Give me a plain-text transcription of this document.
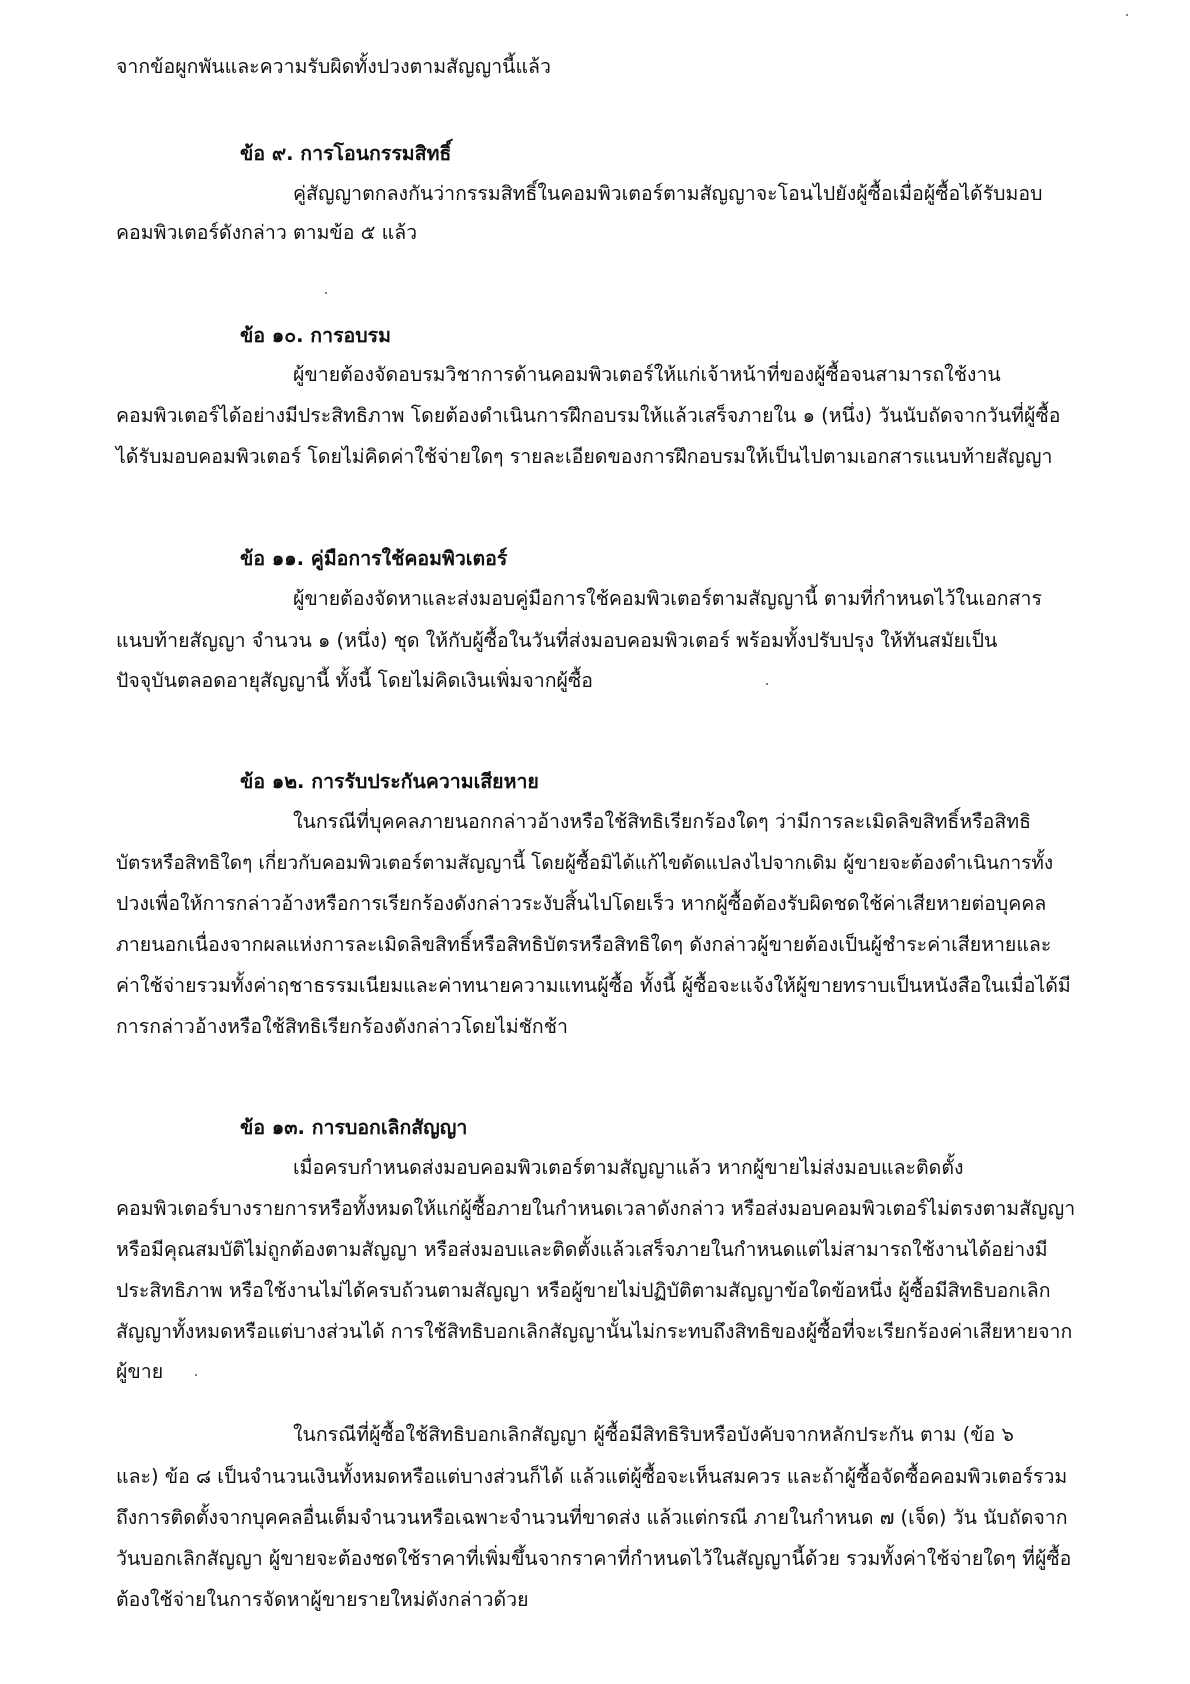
จากข้อผูกพันและความรับผิดทั้งปวงตามสัญญานี้แล้ว

ข้อ ๙. การโอนกรรมสิทธิ์

คู่สัญญาตกลงกันว่ากรรมสิทธิ์ในคอมพิวเตอร์ตามสัญญาจะโอนไปยังผู้ซื้อเมื่อผู้ซื้อได้รับมอบ

คอมพิวเตอร์ดังกล่าว ตามข้อ ๕ แล้ว

ข้อ ๑๐. การอบรม

ผู้ขายต้องจัดอบรมวิชาการด้านคอมพิวเตอร์ให้แก่เจ้าหน้าที่ของผู้ซื้อจนสามารถใช้งาน

คอมพิวเตอร์ได้อย่างมีประสิทธิภาพ โดยต้องดำเนินการฝึกอบรมให้แล้วเสร็จภายใน ๑ (หนึ่ง) วันนับถัดจากวันที่ผู้ซื้อ

ได้รับมอบคอมพิวเตอร์ โดยไม่คิดค่าใช้จ่ายใดๆ รายละเอียดของการฝึกอบรมให้เป็นไปตามเอกสารแนบท้ายสัญญา

ข้อ ๑๑. คู่มือการใช้คอมพิวเตอร์

ผู้ขายต้องจัดหาและส่งมอบคู่มือการใช้คอมพิวเตอร์ตามสัญญานี้ ตามที่กำหนดไว้ในเอกสาร

แนบท้ายสัญญา จำนวน ๑ (หนึ่ง) ชุด ให้กับผู้ซื้อในวันที่ส่งมอบคอมพิวเตอร์ พร้อมทั้งปรับปรุง ให้ทันสมัยเป็น

ปัจจุบันตลอดอายุสัญญานี้ ทั้งนี้ โดยไม่คิดเงินเพิ่มจากผู้ซื้อ

ข้อ ๑๒. การรับประกันความเสียหาย

ในกรณีที่บุคคลภายนอกกล่าวอ้างหรือใช้สิทธิเรียกร้องใดๆ ว่ามีการละเมิดลิขสิทธิ์หรือสิทธิ

บัตรหรือสิทธิใดๆ เกี่ยวกับคอมพิวเตอร์ตามสัญญานี้ โดยผู้ซื้อมิได้แก้ไขดัดแปลงไปจากเดิม ผู้ขายจะต้องดำเนินการทั้ง

ปวงเพื่อให้การกล่าวอ้างหรือการเรียกร้องดังกล่าวระงับสิ้นไปโดยเร็ว หากผู้ซื้อต้องรับผิดชดใช้ค่าเสียหายต่อบุคคล

ภายนอกเนื่องจากผลแห่งการละเมิดลิขสิทธิ์หรือสิทธิบัตรหรือสิทธิใดๆ ดังกล่าวผู้ขายต้องเป็นผู้ชำระค่าเสียหายและ

ค่าใช้จ่ายรวมทั้งค่าฤชาธรรมเนียมและค่าทนายความแทนผู้ซื้อ ทั้งนี้ ผู้ซื้อจะแจ้งให้ผู้ขายทราบเป็นหนังสือในเมื่อได้มี

การกล่าวอ้างหรือใช้สิทธิเรียกร้องดังกล่าวโดยไม่ชักช้า

ข้อ ๑๓. การบอกเลิกสัญญา

เมื่อครบกำหนดส่งมอบคอมพิวเตอร์ตามสัญญาแล้ว หากผู้ขายไม่ส่งมอบและติดตั้ง

คอมพิวเตอร์บางรายการหรือทั้งหมดให้แก่ผู้ซื้อภายในกำหนดเวลาดังกล่าว หรือส่งมอบคอมพิวเตอร์ไม่ตรงตามสัญญา

หรือมีคุณสมบัติไม่ถูกต้องตามสัญญา หรือส่งมอบและติดตั้งแล้วเสร็จภายในกำหนดแต่ไม่สามารถใช้งานได้อย่างมี

ประสิทธิภาพ หรือใช้งานไม่ได้ครบถ้วนตามสัญญา หรือผู้ขายไม่ปฏิบัติตามสัญญาข้อใดข้อหนึ่ง ผู้ซื้อมีสิทธิบอกเลิก

สัญญาทั้งหมดหรือแต่บางส่วนได้ การใช้สิทธิบอกเลิกสัญญานั้นไม่กระทบถึงสิทธิของผู้ซื้อที่จะเรียกร้องค่าเสียหายจาก

ผู้ขาย

ในกรณีที่ผู้ซื้อใช้สิทธิบอกเลิกสัญญา ผู้ซื้อมีสิทธิริบหรือบังคับจากหลักประกัน ตาม (ข้อ ๖

และ) ข้อ ๘ เป็นจำนวนเงินทั้งหมดหรือแต่บางส่วนก็ได้ แล้วแต่ผู้ซื้อจะเห็นสมควร และถ้าผู้ซื้อจัดซื้อคอมพิวเตอร์รวม

ถึงการติดตั้งจากบุคคลอื่นเต็มจำนวนหรือเฉพาะจำนวนที่ขาดส่ง แล้วแต่กรณี ภายในกำหนด ๗ (เจ็ด) วัน นับถัดจาก

วันบอกเลิกสัญญา ผู้ขายจะต้องชดใช้ราคาที่เพิ่มขึ้นจากราคาที่กำหนดไว้ในสัญญานี้ด้วย รวมทั้งค่าใช้จ่ายใดๆ ที่ผู้ซื้อ

ต้องใช้จ่ายในการจัดหาผู้ขายรายใหม่ดังกล่าวด้วย
